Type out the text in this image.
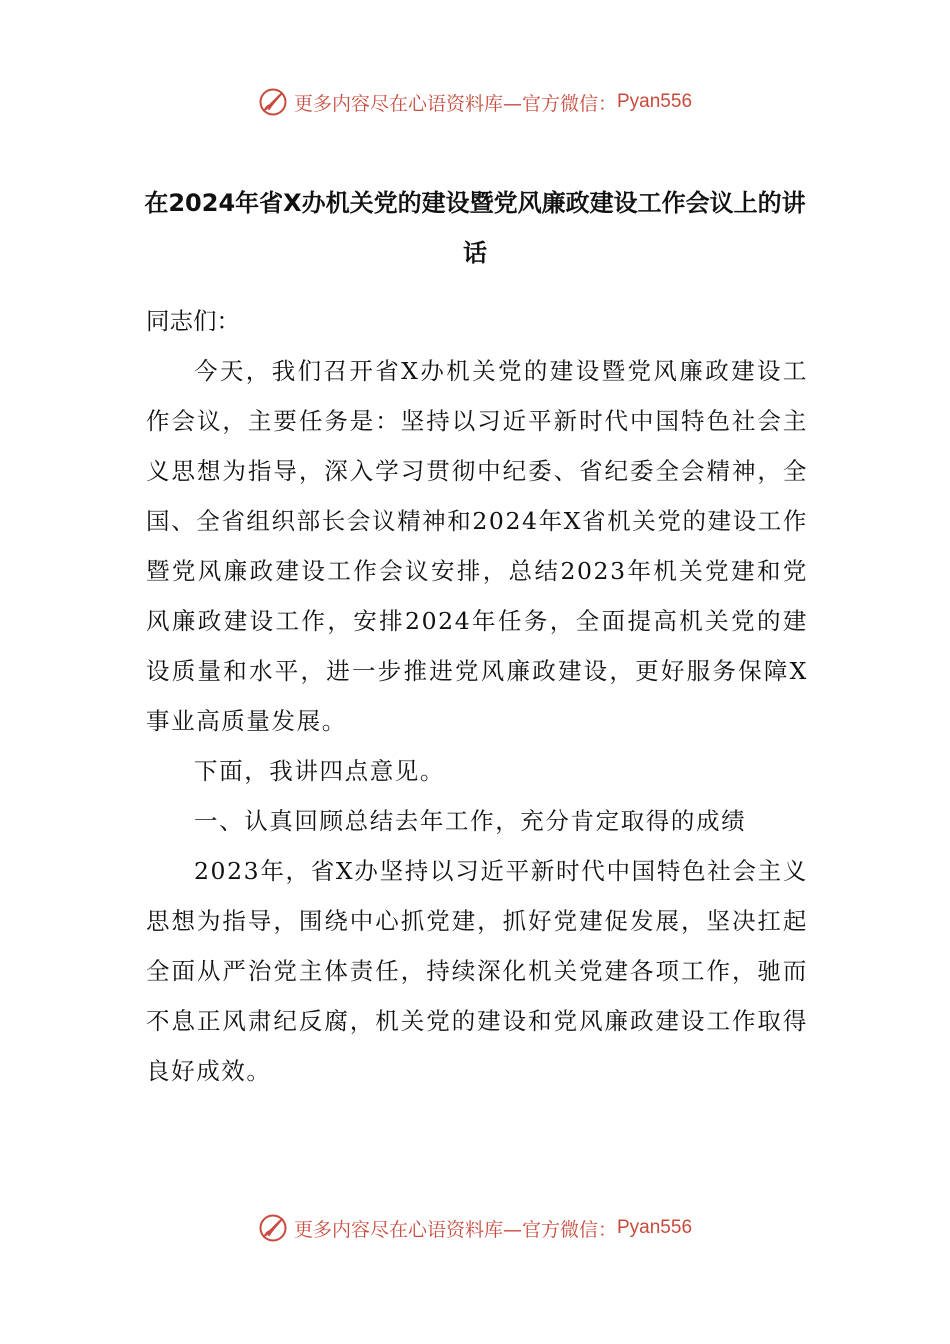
更多内容尽在心语资料库 —官方微信： Pyan556
在2024年省X办机关党的建设暨党风廉政建设工作会议上的讲话

同志们：

今天，我们召开省X办机关党的建设暨党风廉政建设工作会议，主要任务是：坚持以习近平新时代中国特色社会主义思想为指导，深入学习贯彻中纪委、省纪委全会精神，全国、全省组织部长会议精神和2024年X省机关党的建设工作暨党风廉政建设工作会议安排，总结2023年机关党建和党风廉政建设工作，安排2024年任务，全面提高机关党的建设质量和水平，进一步推进党风廉政建设，更好服务保障X事业高质量发展。

下面，我讲四点意见。

一、认真回顾总结去年工作，充分肯定取得的成绩

2023年，省X办坚持以习近平新时代中国特色社会主义思想为指导，围绕中心抓党建，抓好党建促发展，坚决扛起全面从严治党主体责任，持续深化机关党建各项工作，驰而不息正风肃纪反腐，机关党的建设和党风廉政建设工作取得良好成效。

更多内容尽在心语资料库 —官方微信： Pyan556
